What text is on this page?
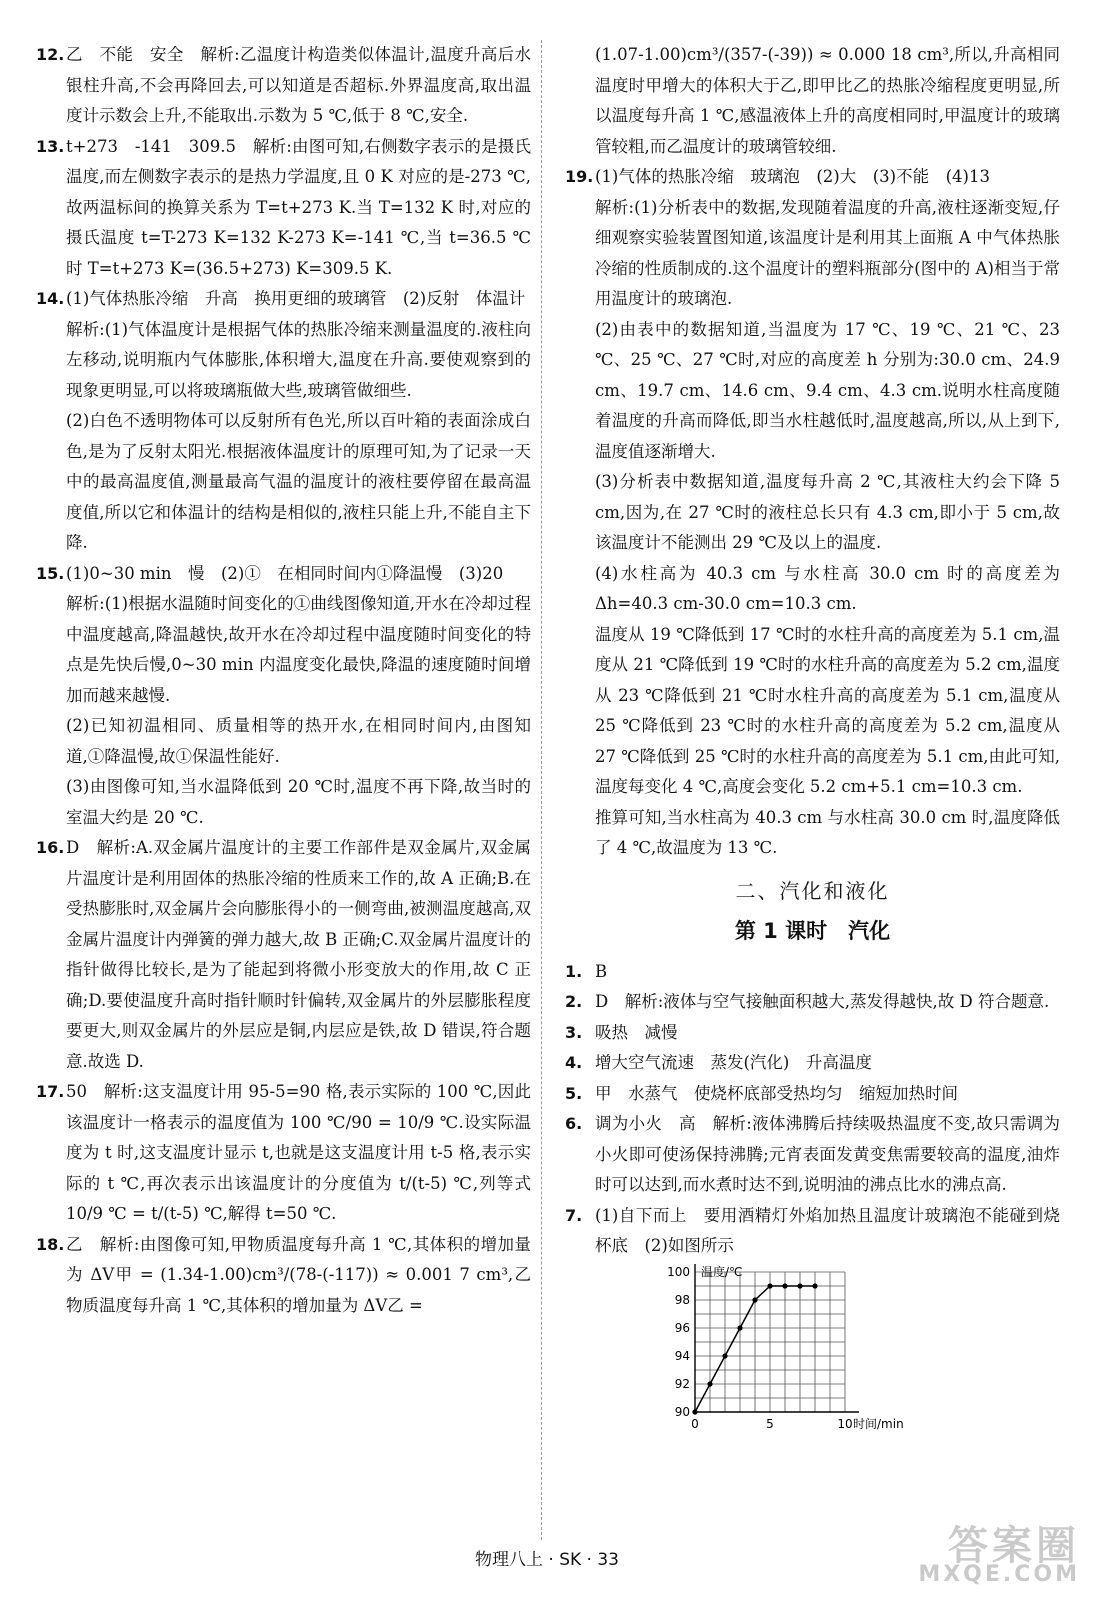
12. 乙　不能　安全　解析:乙温度计构造类似体温计,温度升高后水银柱升高,不会再降回去,可以知道是否超标.外界温度高,取出温度计示数会上升,不能取出.示数为 5 ℃,低于 8 ℃,安全.

13. t+273　-141　309.5　解析:由图可知,右侧数字表示的是摄氏温度,而左侧数字表示的是热力学温度,且 0 K 对应的是-273 ℃,故两温标间的换算关系为 T=t+273 K.当 T=132 K 时,对应的摄氏温度 t=T-273 K=132 K-273 K=-141 ℃,当 t=36.5 ℃时 T=t+273 K=(36.5+273) K=309.5 K.

14. (1)气体热胀冷缩　升高　换用更细的玻璃管　(2)反射　体温计

解析:(1)气体温度计是根据气体的热胀冷缩来测量温度的.液柱向左移动,说明瓶内气体膨胀,体积增大,温度在升高.要使观察到的现象更明显,可以将玻璃瓶做大些,玻璃管做细些.

(2)白色不透明物体可以反射所有色光,所以百叶箱的表面涂成白色,是为了反射太阳光.根据液体温度计的原理可知,为了记录一天中的最高温度值,测量最高气温的温度计的液柱要停留在最高温度值,所以它和体温计的结构是相似的,液柱只能上升,不能自主下降.

15. (1)0~30 min　慢　(2)①　在相同时间内①降温慢　(3)20

解析:(1)根据水温随时间变化的①曲线图像知道,开水在冷却过程中温度越高,降温越快,故开水在冷却过程中温度随时间变化的特点是先快后慢,0~30 min 内温度变化最快,降温的速度随时间增加而越来越慢.

(2)已知初温相同、质量相等的热开水,在相同时间内,由图知道,①降温慢,故①保温性能好.

(3)由图像可知,当水温降低到 20 ℃时,温度不再下降,故当时的室温大约是 20 ℃.

16. D　解析:A.双金属片温度计的主要工作部件是双金属片,双金属片温度计是利用固体的热胀冷缩的性质来工作的,故 A 正确;B.在受热膨胀时,双金属片会向膨胀得小的一侧弯曲,被测温度越高,双金属片温度计内弹簧的弹力越大,故 B 正确;C.双金属片温度计的指针做得比较长,是为了能起到将微小形变放大的作用,故 C 正确;D.要使温度升高时指针顺时针偏转,双金属片的外层膨胀程度要更大,则双金属片的外层应是铜,内层应是铁,故 D 错误,符合题意.故选 D.

17. 50　解析:这支温度计用 95-5=90 格,表示实际的 100 ℃,因此该温度计一格表示的温度值为 100 ℃/90 = 10/9 ℃.设实际温度为 t 时,这支温度计显示 t,也就是这支温度计用 t-5 格,表示实际的 t ℃,再次表示出该温度计的分度值为 t/(t-5) ℃,列等式 10/9 ℃ = t/(t-5) ℃,解得 t=50 ℃.

18. 乙　解析:由图像可知,甲物质温度每升高 1 ℃,其体积的增加量为 ΔV甲 = (1.34-1.00)cm³/(78-(-117)) ≈ 0.001 7 cm³,乙物质温度每升高 1 ℃,其体积的增加量为 ΔV乙 =

(1.07-1.00)cm³/(357-(-39)) ≈ 0.000 18 cm³,所以,升高相同温度时甲增大的体积大于乙,即甲比乙的热胀冷缩程度更明显,所以温度每升高 1 ℃,感温液体上升的高度相同时,甲温度计的玻璃管较粗,而乙温度计的玻璃管较细.

19. (1)气体的热胀冷缩　玻璃泡　(2)大　(3)不能　(4)13

解析:(1)分析表中的数据,发现随着温度的升高,液柱逐渐变短,仔细观察实验装置图知道,该温度计是利用其上面瓶 A 中气体热胀冷缩的性质制成的.这个温度计的塑料瓶部分(图中的 A)相当于常用温度计的玻璃泡.

(2)由表中的数据知道,当温度为 17 ℃、19 ℃、21 ℃、23 ℃、25 ℃、27 ℃时,对应的高度差 h 分别为:30.0 cm、24.9 cm、19.7 cm、14.6 cm、9.4 cm、4.3 cm.说明水柱高度随着温度的升高而降低,即当水柱越低时,温度越高,所以,从上到下,温度值逐渐增大.

(3)分析表中数据知道,温度每升高 2 ℃,其液柱大约会下降 5 cm,因为,在 27 ℃时的液柱总长只有 4.3 cm,即小于 5 cm,故该温度计不能测出 29 ℃及以上的温度.

(4)水柱高为 40.3 cm 与水柱高 30.0 cm 时的高度差为 Δh=40.3 cm-30.0 cm=10.3 cm.

温度从 19 ℃降低到 17 ℃时的水柱升高的高度差为 5.1 cm,温度从 21 ℃降低到 19 ℃时的水柱升高的高度差为 5.2 cm,温度从 23 ℃降低到 21 ℃时水柱升高的高度差为 5.1 cm,温度从 25 ℃降低到 23 ℃时的水柱升高的高度差为 5.2 cm,温度从 27 ℃降低到 25 ℃时的水柱升高的高度差为 5.1 cm,由此可知,温度每变化 4 ℃,高度会变化 5.2 cm+5.1 cm=10.3 cm.

推算可知,当水柱高为 40.3 cm 与水柱高 30.0 cm 时,温度降低了 4 ℃,故温度为 13 ℃.

二、汽化和液化
第 1 课时　汽化
1. B

2. D　解析:液体与空气接触面积越大,蒸发得越快,故 D 符合题意.

3. 吸热　减慢

4. 增大空气流速　蒸发(汽化)　升高温度

5. 甲　水蒸气　使烧杯底部受热均匀　缩短加热时间

6. 调为小火　高　解析:液体沸腾后持续吸热温度不变,故只需调为小火即可使汤保持沸腾;元宵表面发黄变焦需要较高的温度,油炸时可以达到,而水煮时达不到,说明油的沸点比水的沸点高.

7. (1)自下而上　要用酒精灯外焰加热且温度计玻璃泡不能碰到烧杯底　(2)如图所示

90
92
94
96
98
100
0	5	10
温度/℃
时间/min
物理八上 · SK · 33	答案圈
MXQE.COM
